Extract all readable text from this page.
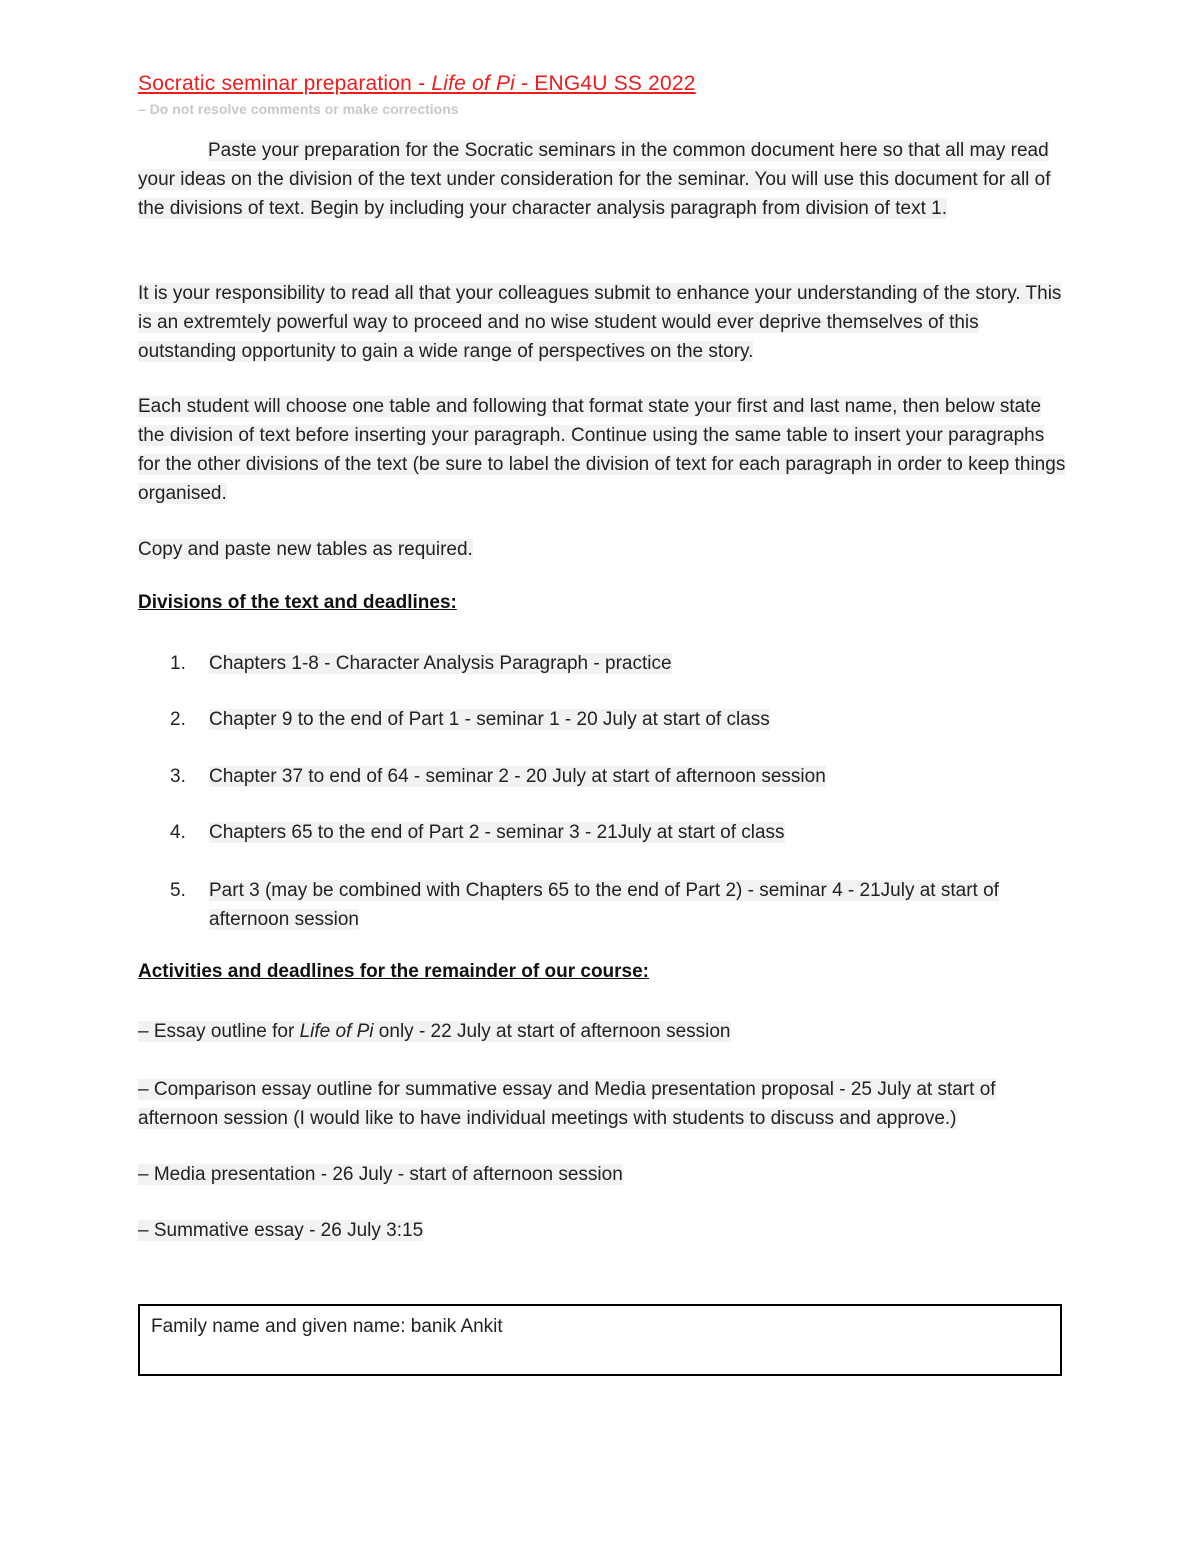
Socratic seminar preparation - Life of Pi - ENG4U SS 2022
– Do not resolve comments or make corrections

Paste your preparation for the Socratic seminars in the common document here so that all may read your ideas on the division of the text under consideration for the seminar. You will use this document for all of the divisions of text. Begin by including your character analysis paragraph from division of text 1.

It is your responsibility to read all that your colleagues submit to enhance your understanding of the story. This is an extremtely powerful way to proceed and no wise student would ever deprive themselves of this outstanding opportunity to gain a wide range of perspectives on the story.

Each student will choose one table and following that format state your first and last name, then below state the division of text before inserting your paragraph. Continue using the same table to insert your paragraphs for the other divisions of the text (be sure to label the division of text for each paragraph in order to keep things organised.

Copy and paste new tables as required.

Divisions of the text and deadlines:
1.	Chapters 1-8 - Character Analysis Paragraph - practice
2.	Chapter 9 to the end of Part 1 - seminar 1 - 20 July at start of class
3.	Chapter 37 to end of 64 - seminar 2 - 20 July at start of afternoon session
4.	Chapters 65 to the end of Part 2 - seminar 3 - 21July at start of class
5.	Part 3 (may be combined with Chapters 65 to the end of Part 2) - seminar 4 - 21July at start of afternoon session
Activities and deadlines for the remainder of our course:

– Essay outline for Life of Pi only - 22 July at start of afternoon session

– Comparison essay outline for summative essay and Media presentation proposal - 25 July at start of afternoon session (I would like to have individual meetings with students to discuss and approve.)

– Media presentation - 26 July - start of afternoon session

– Summative essay - 26 July 3:15

Family name and given name: banik Ankit
